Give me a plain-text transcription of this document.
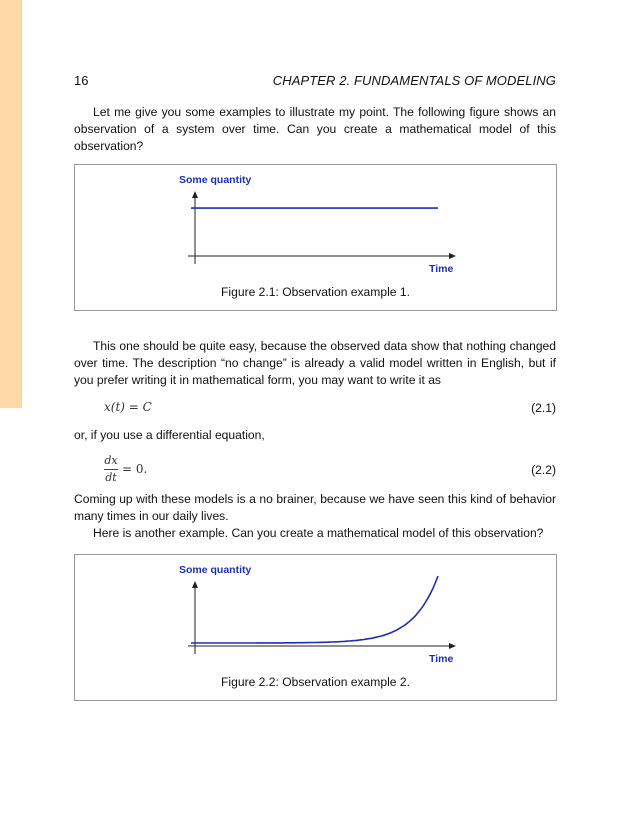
16	CHAPTER 2. FUNDAMENTALS OF MODELING

Let me give you some examples to illustrate my point. The following figure shows an observation of a system over time. Can you create a mathematical model of this observation?

Some quantity
Time
Figure 2.1: Observation example 1.

This one should be quite easy, because the observed data show that nothing changed over time. The description “no change” is already a valid model written in English, but if you prefer writing it in mathematical form, you may want to write it as

x(t) = C	(2.1)

or, if you use a differential equation,

dx
dt
= 0.	(2.2)

Coming up with these models is a no brainer, because we have seen this kind of behavior many times in our daily lives.

Here is another example. Can you create a mathematical model of this observation?

Some quantity
Time
Figure 2.2: Observation example 2.
